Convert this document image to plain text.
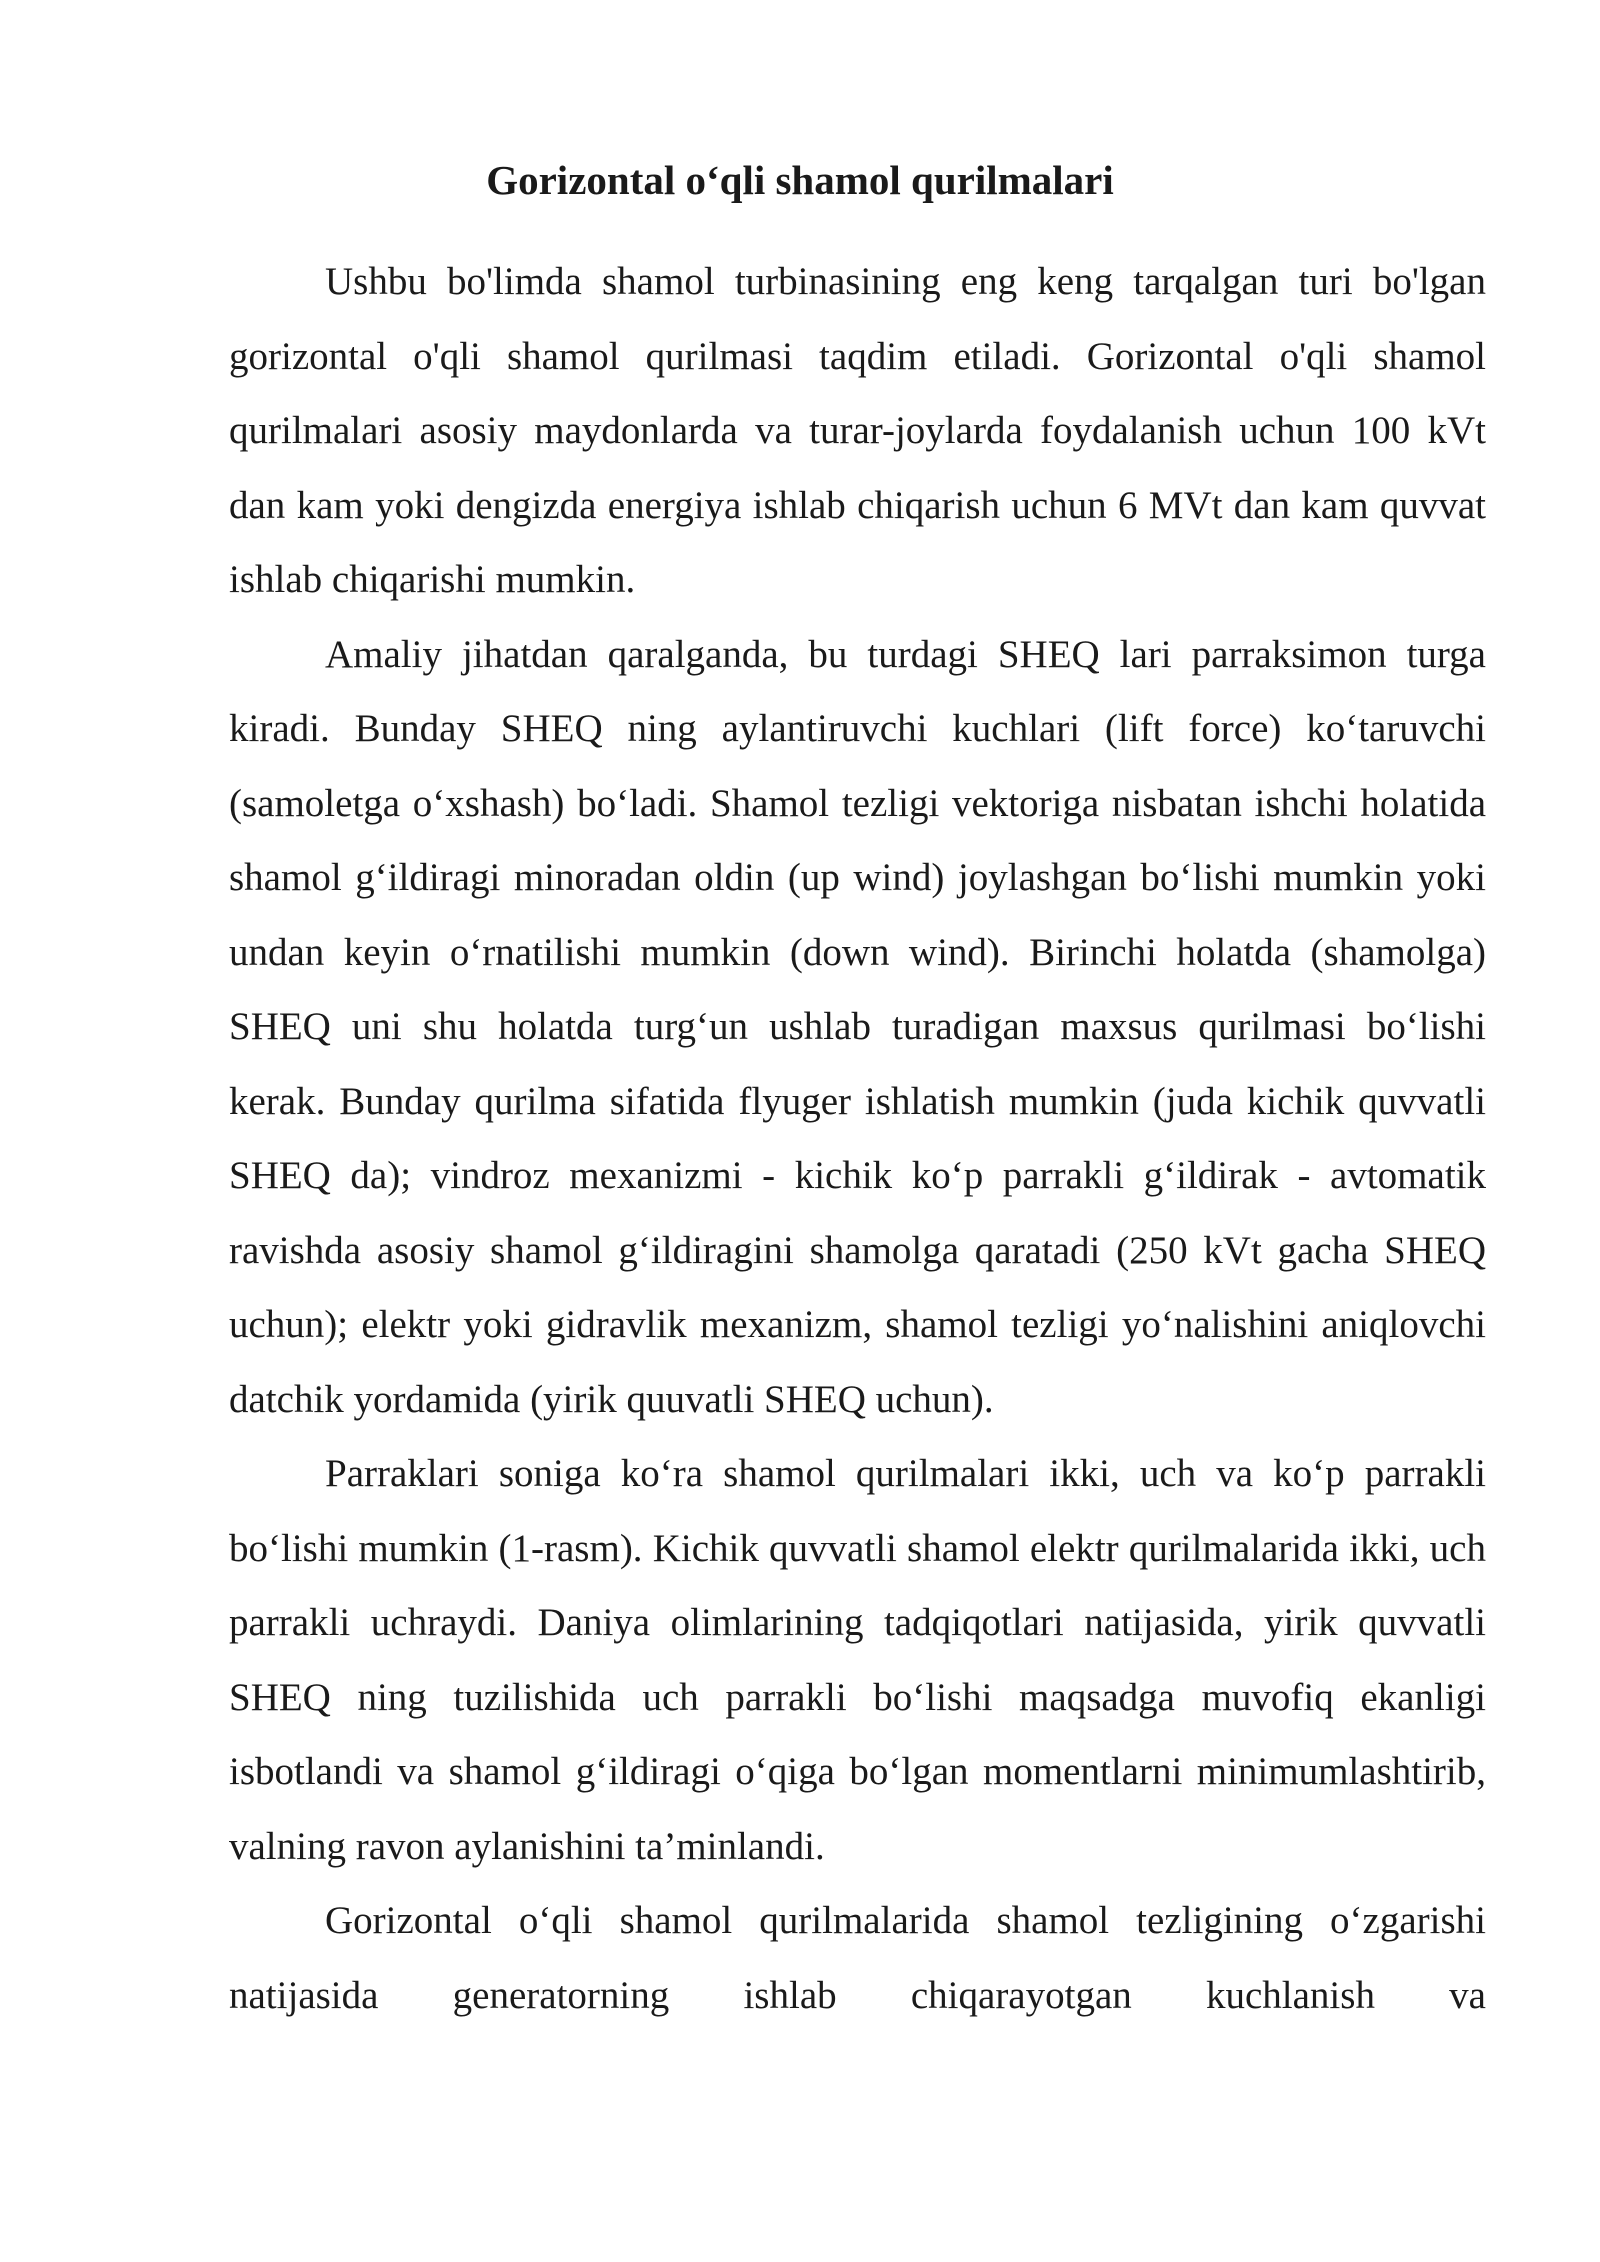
Gorizontal o‘qli shamol qurilmalari

Ushbu bo'limda shamol turbinasining eng keng tarqalgan turi bo'lgan gorizontal o'qli shamol qurilmasi taqdim etiladi. Gorizontal o'qli shamol qurilmalari asosiy maydonlarda va turar-joylarda foydalanish uchun 100 kVt dan kam yoki dengizda energiya ishlab chiqarish uchun 6 MVt dan kam quvvat ishlab chiqarishi mumkin.

Amaliy jihatdan qaralganda, bu turdagi SHEQ lari parraksimon turga kiradi. Bunday SHEQ ning aylantiruvchi kuchlari (lift force) ko‘taruvchi (samoletga o‘xshash) bo‘ladi. Shamol tezligi vektoriga nisbatan ishchi holatida shamol g‘ildiragi minoradan oldin (up wind) joylashgan bo‘lishi mumkin yoki undan keyin o‘rnatilishi mumkin (down wind). Birinchi holatda (shamolga) SHEQ uni shu holatda turg‘un ushlab turadigan maxsus qurilmasi bo‘lishi kerak. Bunday qurilma sifatida flyuger ishlatish mumkin (juda kichik quvvatli SHEQ da); vindroz mexanizmi - kichik ko‘p parrakli g‘ildirak - avtomatik ravishda asosiy shamol g‘ildiragini shamolga qaratadi (250 kVt gacha SHEQ uchun); elektr yoki gidravlik mexanizm, shamol tezligi yo‘nalishini aniqlovchi datchik yordamida (yirik quuvatli SHEQ uchun).

Parraklari soniga ko‘ra shamol qurilmalari ikki, uch va ko‘p parrakli bo‘lishi mumkin (1-rasm). Kichik quvvatli shamol elektr qurilmalarida ikki, uch parrakli uchraydi. Daniya olimlarining tadqiqotlari natijasida, yirik quvvatli SHEQ ning tuzilishida uch parrakli bo‘lishi maqsadga muvofiq ekanligi isbotlandi va shamol g‘ildiragi o‘qiga bo‘lgan momentlarni minimumlashtirib, valning ravon aylanishini ta’minlandi.

Gorizontal o‘qli shamol qurilmalarida shamol tezligining o‘zgarishi natijasida generatorning ishlab chiqarayotgan kuchlanish va
